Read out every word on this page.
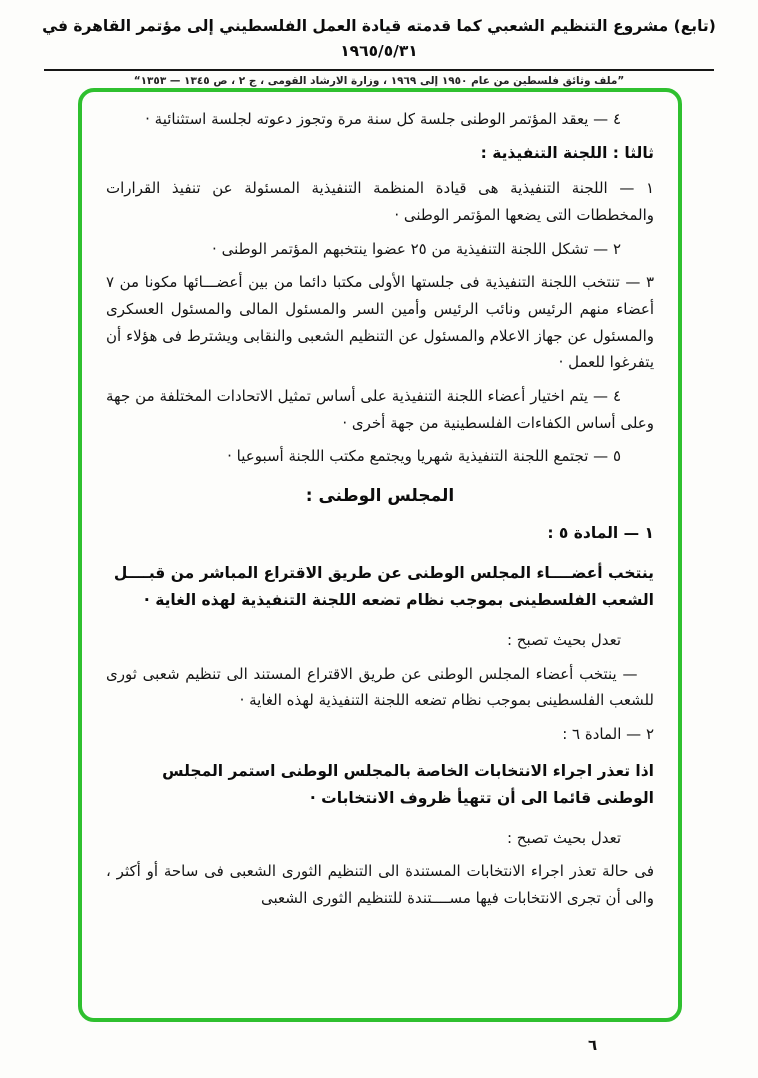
(تابع) مشروع التنظيم الشعبي كما قدمته قيادة العمل الفلسطيني إلى مؤتمر القاهرة في ١٩٦٥/٥/٣١
”ملف وثائق فلسطين من عام ١٩٥٠ إلى ١٩٦٩ ، وزارة الارشاد القومى ، ج ٢ ، ص ١٣٤٥ — ١٣٥٣“

٤ — يعقد المؤتمر الوطنى جلسة كل سنة مرة وتجوز دعوته لجلسة استثنائية ·

ثالثا : اللجنة التنفيذية :

١ — اللجنة التنفيذية هى قيادة المنظمة التنفيذية المسئولة عن تنفيذ القرارات والمخططات التى يضعها المؤتمر الوطنى ·

٢ — تشكل اللجنة التنفيذية من ٢٥ عضوا ينتخبهم المؤتمر الوطنى ·

٣ — تنتخب اللجنة التنفيذية فى جلستها الأولى مكتبا دائما من بين أعضـــائها مكونا من ٧ أعضاء منهم الرئيس ونائب الرئيس وأمين السر والمسئول المالى والمسئول العسكرى والمسئول عن جهاز الاعلام والمسئول عن التنظيم الشعبى والنقابى ويشترط فى هؤلاء أن يتفرغوا للعمل ·

٤ — يتم اختيار أعضاء اللجنة التنفيذية على أساس تمثيل الاتحادات المختلفة من جهة وعلى أساس الكفاءات الفلسطينية من جهة أخرى ·

٥ — تجتمع اللجنة التنفيذية شهريا ويجتمع مكتب اللجنة أسبوعيا ·

المجلس الوطنى :

١ — المادة ٥ :

ينتخب أعضــــاء المجلس الوطنى عن طريق الاقتراع المباشر من قبــــل الشعب الفلسطينى بموجب نظام تضعه اللجنة التنفيذية لهذه الغاية ·

تعدل بحيث تصبح :

— ينتخب أعضاء المجلس الوطنى عن طريق الاقتراع المستند الى تنظيم شعبى ثورى للشعب الفلسطينى بموجب نظام تضعه اللجنة التنفيذية لهذه الغاية ·

٢ — المادة ٦ :

اذا تعذر اجراء الانتخابات الخاصة بالمجلس الوطنى استمر المجلس الوطنى قائما الى أن تتهيأ ظروف الانتخابات ·

تعدل بحيث تصبح :

فى حالة تعذر اجراء الانتخابات المستندة الى التنظيم الثورى الشعبى فى ساحة أو أكثر ، والى أن تجرى الانتخابات فيها مســــتندة للتنظيم الثورى الشعبى

٦
